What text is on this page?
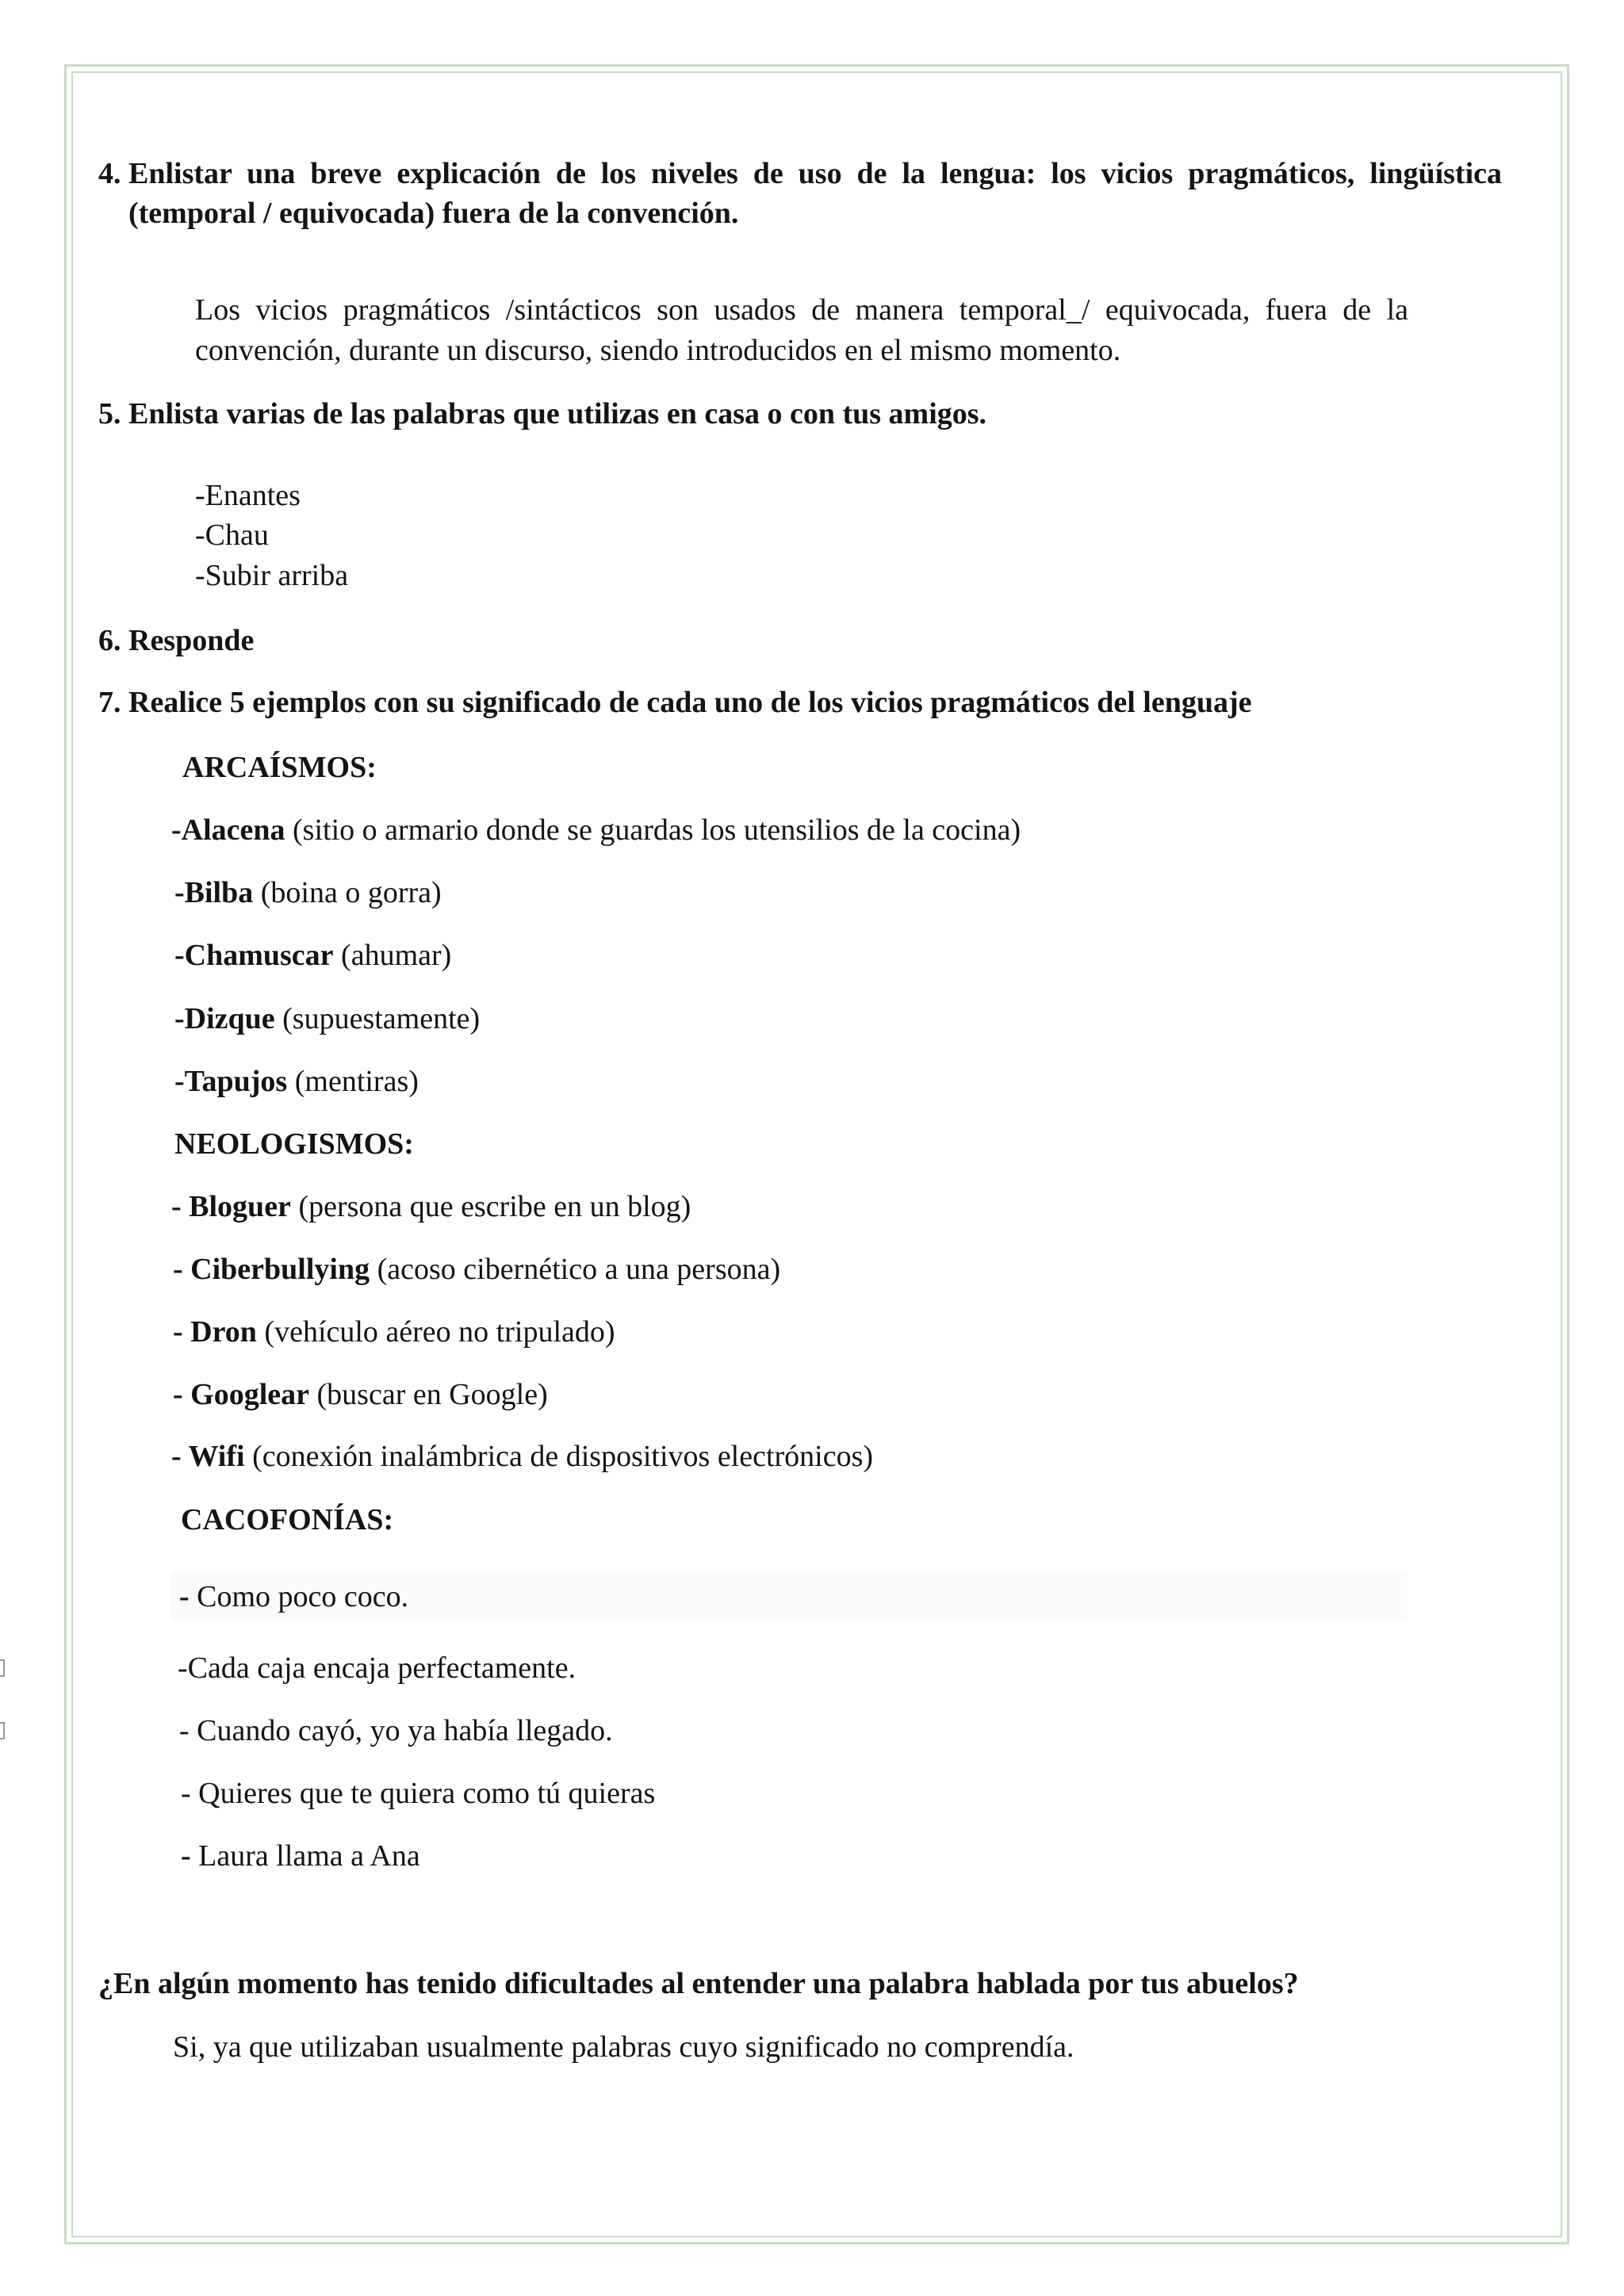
4. Enlistar una breve explicación de los niveles de uso de la lengua: los vicios pragmáticos, lingüística (temporal / equivocada) fuera de la convención.
Los vicios pragmáticos /sintácticos son usados de manera temporal_/ equivocada, fuera de la convención, durante un discurso, siendo introducidos en el mismo momento.
5. Enlista varias de las palabras que utilizas en casa o con tus amigos.
-Enantes
-Chau
-Subir arriba
6. Responde
7. Realice 5 ejemplos con su significado de cada uno de los vicios pragmáticos del lenguaje
ARCAÍSMOS:
-Alacena (sitio o armario donde se guardas los utensilios de la cocina)
-Bilba (boina o gorra)
-Chamuscar (ahumar)
-Dizque (supuestamente)
-Tapujos (mentiras)
NEOLOGISMOS:
- Bloguer (persona que escribe en un blog)
- Ciberbullying (acoso cibernético a una persona)
- Dron (vehículo aéreo no tripulado)
- Googlear (buscar en Google)
- Wifi (conexión inalámbrica de dispositivos electrónicos)
CACOFONÍAS:
- Como poco coco.
-Cada caja encaja perfectamente.
- Cuando cayó, yo ya había llegado.
- Quieres que te quiera como tú quieras
- Laura llama a Ana
¿En algún momento has tenido dificultades al entender una palabra hablada por tus abuelos?
Si, ya que utilizaban usualmente palabras cuyo significado no comprendía.
